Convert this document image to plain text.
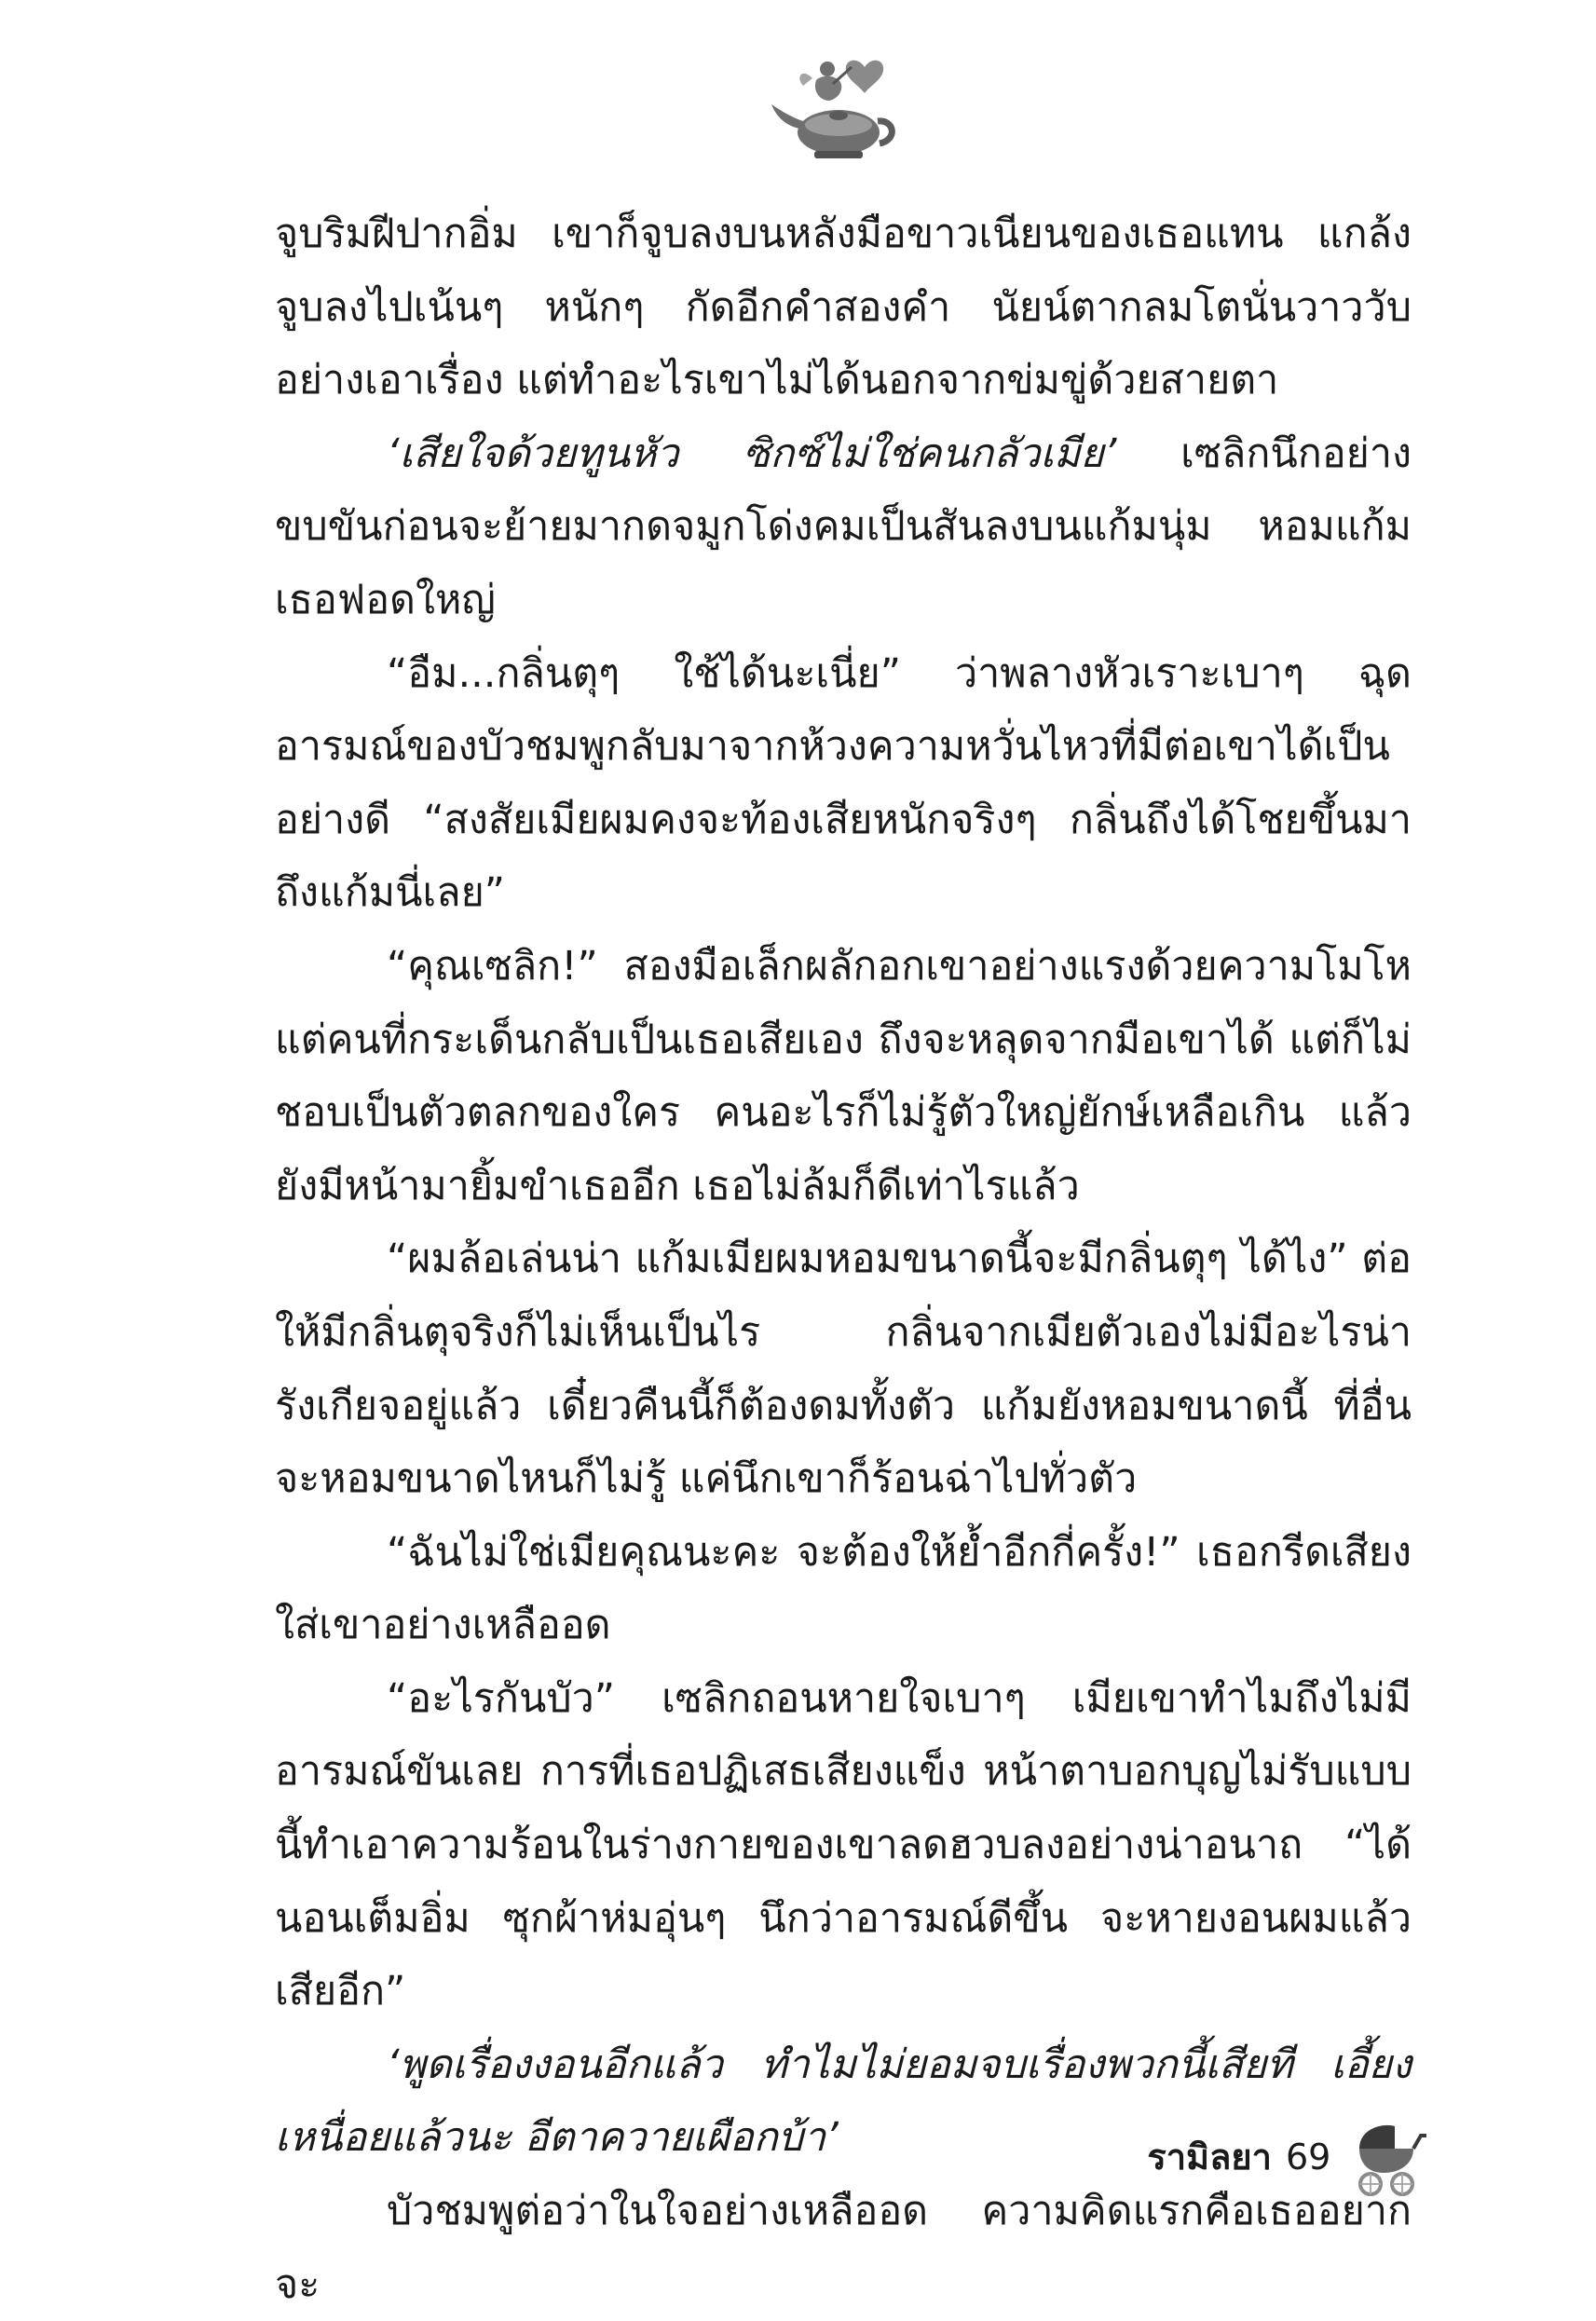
จูบริมฝีปากอิ่ม เขาก็จูบลงบนหลังมือขาวเนียนของเธอแทน แกล้งจูบลงไปเน้นๆ หนักๆ กัดอีกคำสองคำ นัยน์ตากลมโตนั่นวาววับอย่างเอาเรื่อง แต่ทำอะไรเขาไม่ได้นอกจากข่มขู่ด้วยสายตา

‘เสียใจด้วยทูนหัว ซิกซ์ไม่ใช่คนกลัวเมีย’ เซลิกนึกอย่างขบขันก่อนจะย้ายมากดจมูกโด่งคมเป็นสันลงบนแก้มนุ่ม หอมแก้มเธอฟอดใหญ่

“อืม...กลิ่นตุๆ ใช้ได้นะเนี่ย” ว่าพลางหัวเราะเบาๆ ฉุดอารมณ์ของบัวชมพูกลับมาจากห้วงความหวั่นไหวที่มีต่อเขาได้เป็นอย่างดี “สงสัยเมียผมคงจะท้องเสียหนักจริงๆ กลิ่นถึงได้โชยขึ้นมาถึงแก้มนี่เลย”

“คุณเซลิก!” สองมือเล็กผลักอกเขาอย่างแรงด้วยความโมโห แต่คนที่กระเด็นกลับเป็นเธอเสียเอง ถึงจะหลุดจากมือเขาได้ แต่ก็ไม่ชอบเป็นตัวตลกของใคร คนอะไรก็ไม่รู้ตัวใหญ่ยักษ์เหลือเกิน แล้วยังมีหน้ามายิ้มขำเธออีก เธอไม่ล้มก็ดีเท่าไรแล้ว

“ผมล้อเล่นน่า แก้มเมียผมหอมขนาดนี้จะมีกลิ่นตุๆ ได้ไง” ต่อให้มีกลิ่นตุจริงก็ไม่เห็นเป็นไร กลิ่นจากเมียตัวเองไม่มีอะไรน่ารังเกียจอยู่แล้ว เดี๋ยวคืนนี้ก็ต้องดมทั้งตัว แก้มยังหอมขนาดนี้ ที่อื่นจะหอมขนาดไหนก็ไม่รู้ แค่นึกเขาก็ร้อนฉ่าไปทั่วตัว

“ฉันไม่ใช่เมียคุณนะคะ จะต้องให้ย้ำอีกกี่ครั้ง!” เธอกรีดเสียงใส่เขาอย่างเหลืออด

“อะไรกันบัว” เซลิกถอนหายใจเบาๆ เมียเขาทำไมถึงไม่มีอารมณ์ขันเลย การที่เธอปฏิเสธเสียงแข็ง หน้าตาบอกบุญไม่รับแบบนี้ทำเอาความร้อนในร่างกายของเขาลดฮวบลงอย่างน่าอนาถ “ได้นอนเต็มอิ่ม ซุกผ้าห่มอุ่นๆ นึกว่าอารมณ์ดีขึ้น จะหายงอนผมแล้วเสียอีก”

‘พูดเรื่องงอนอีกแล้ว ทำไมไม่ยอมจบเรื่องพวกนี้เสียที เอี้ยงเหนื่อยแล้วนะ อีตาควายเผือกบ้า’

บัวชมพูต่อว่าในใจอย่างเหลืออด ความคิดแรกคือเธออยากจะ

รามิลยา 69
